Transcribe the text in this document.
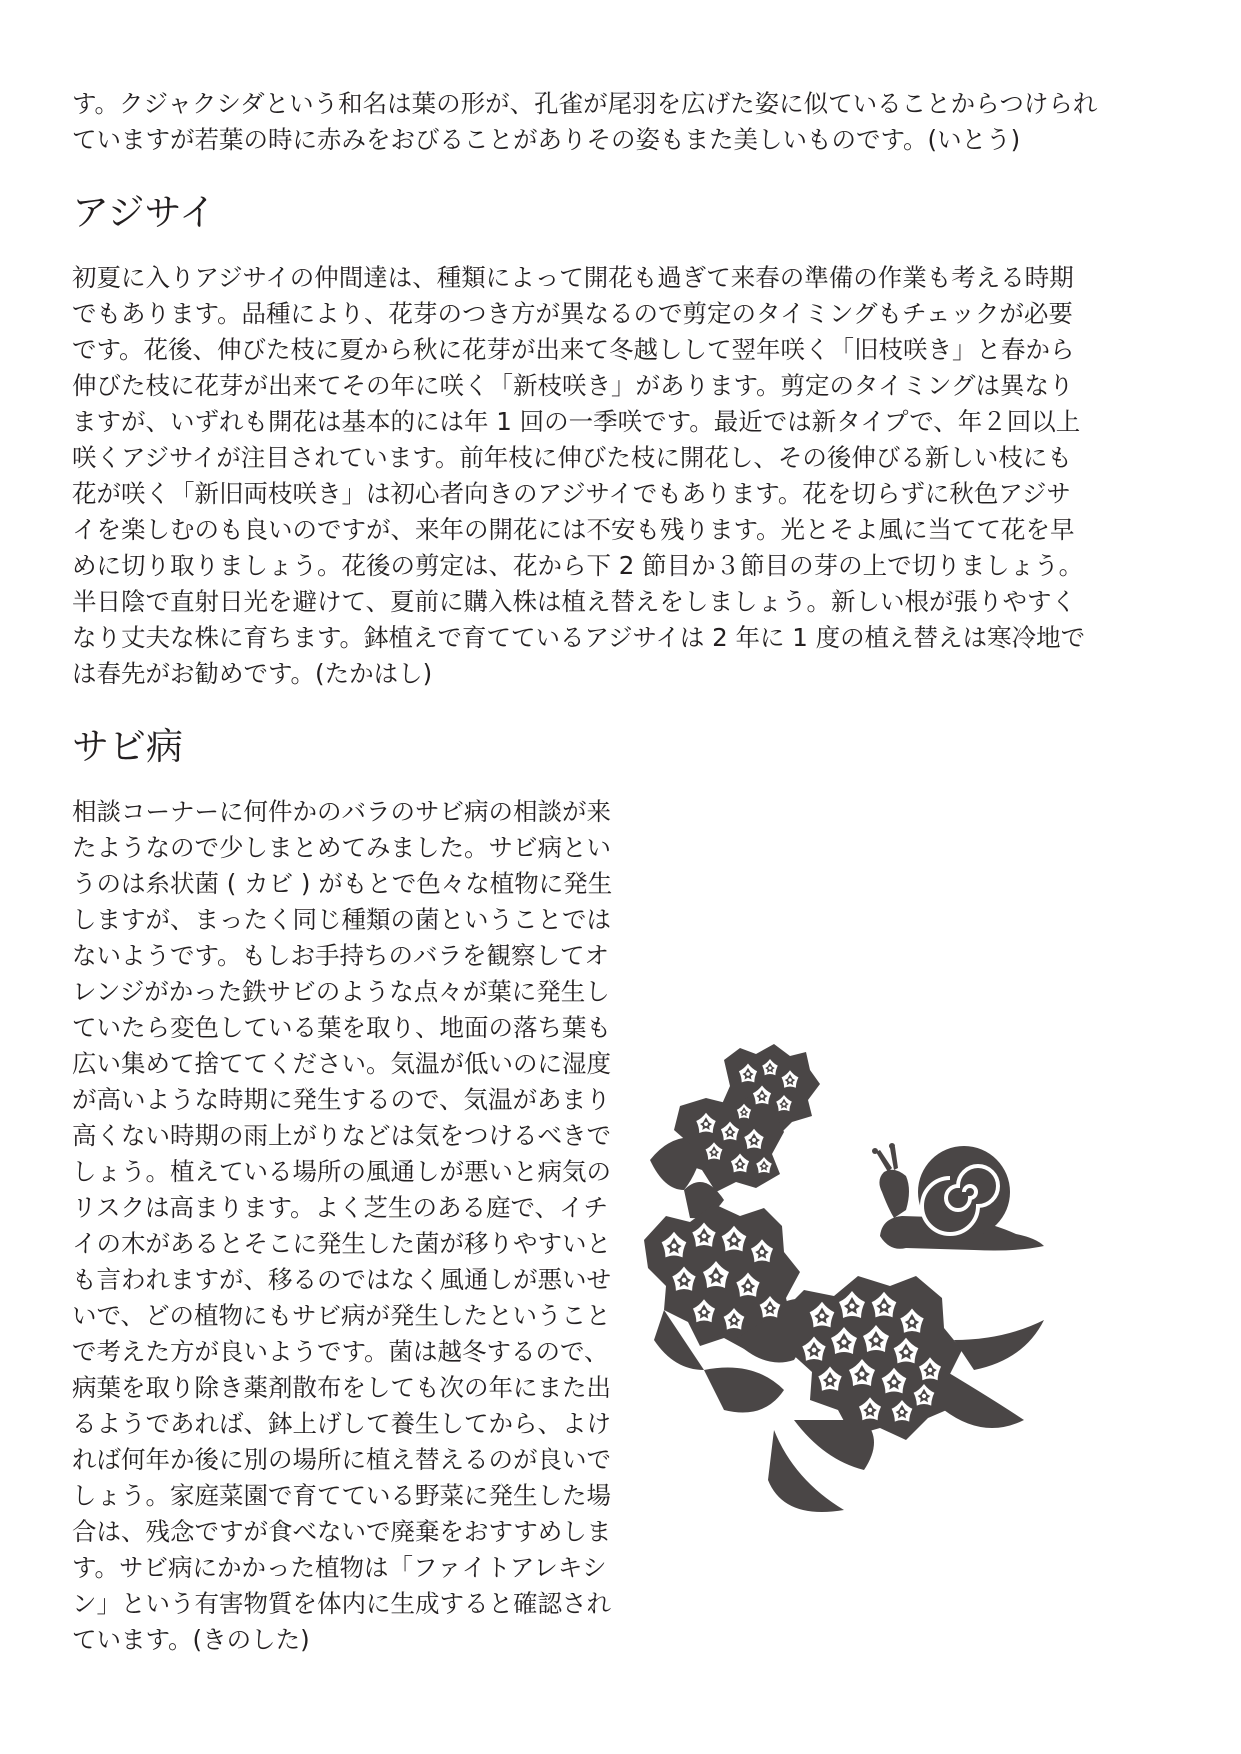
す。クジャクシダという和名は葉の形が、孔雀が尾羽を広げた姿に似ていることからつけられ

ていますが若葉の時に赤みをおびることがありその姿もまた美しいものです。(いとう)

アジサイ

初夏に入りアジサイの仲間達は、種類によって開花も過ぎて来春の準備の作業も考える時期

でもあります。品種により、花芽のつき方が異なるので剪定のタイミングもチェックが必要

です。花後、伸びた枝に夏から秋に花芽が出来て冬越しして翌年咲く「旧枝咲き」と春から

伸びた枝に花芽が出来てその年に咲く「新枝咲き」があります。剪定のタイミングは異なり

ますが、いずれも開花は基本的には年 1 回の一季咲です。最近では新タイプで、年２回以上

咲くアジサイが注目されています。前年枝に伸びた枝に開花し、その後伸びる新しい枝にも

花が咲く「新旧両枝咲き」は初心者向きのアジサイでもあります。花を切らずに秋色アジサ

イを楽しむのも良いのですが、来年の開花には不安も残ります。光とそよ風に当てて花を早

めに切り取りましょう。花後の剪定は、花から下 2 節目か３節目の芽の上で切りましょう。

半日陰で直射日光を避けて、夏前に購入株は植え替えをしましょう。新しい根が張りやすく

なり丈夫な株に育ちます。鉢植えで育てているアジサイは 2 年に 1 度の植え替えは寒冷地で

は春先がお勧めです。(たかはし)

サビ病

相談コーナーに何件かのバラのサビ病の相談が来

たようなので少しまとめてみました。サビ病とい

うのは糸状菌 ( カビ ) がもとで色々な植物に発生

しますが、まったく同じ種類の菌ということでは

ないようです。もしお手持ちのバラを観察してオ

レンジがかった鉄サビのような点々が葉に発生し

ていたら変色している葉を取り、地面の落ち葉も

広い集めて捨ててください。気温が低いのに湿度

が高いような時期に発生するので、気温があまり

高くない時期の雨上がりなどは気をつけるべきで

しょう。植えている場所の風通しが悪いと病気の

リスクは高まります。よく芝生のある庭で、イチ

イの木があるとそこに発生した菌が移りやすいと

も言われますが、移るのではなく風通しが悪いせ

いで、どの植物にもサビ病が発生したということ

で考えた方が良いようです。菌は越冬するので、

病葉を取り除き薬剤散布をしても次の年にまた出

るようであれば、鉢上げして養生してから、よけ

れば何年か後に別の場所に植え替えるのが良いで

しょう。家庭菜園で育てている野菜に発生した場

合は、残念ですが食べないで廃棄をおすすめしま

す。サビ病にかかった植物は「ファイトアレキシ

ン」という有害物質を体内に生成すると確認され

ています。(きのした)
